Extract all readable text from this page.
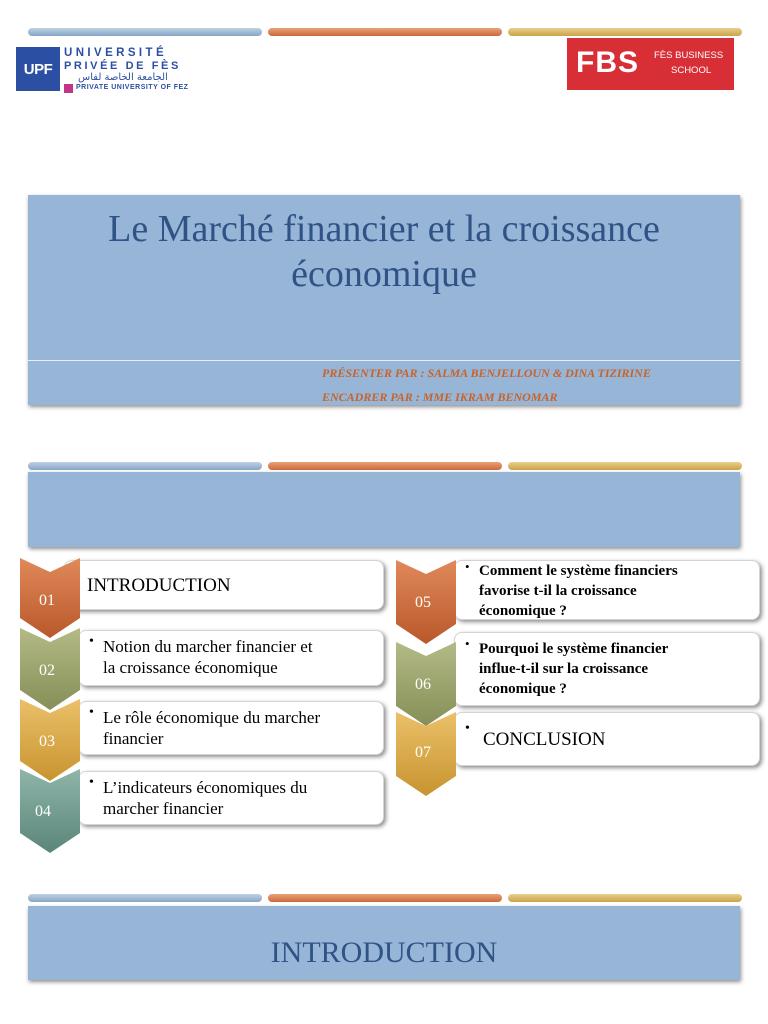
UPF
UNIVERSITÉ
PRIVÉE DE FÈS
الجامعة الخاصة لفاس
PRIVATE UNIVERSITY OF FEZ
FBS FÈS BUSINESS
SCHOOL
Le Marché financier et la croissance
économique
PRÉSENTER PAR : SALMA BENJELLOUN & DINA TIZIRINE
ENCADRER PAR : MME IKRAM BENOMAR
INTRODUCTION
01
• Notion du marcher financier et
la croissance économique
02
• Le rôle économique du marcher
financier
03
• L’indicateurs économiques du
marcher financier
04
• Comment le système financiers
favorise t-il la croissance
économique ?
05
• Pourquoi le système financier
influe-t-il sur la croissance
économique ?
06
•
CONCLUSION
07
INTRODUCTION
